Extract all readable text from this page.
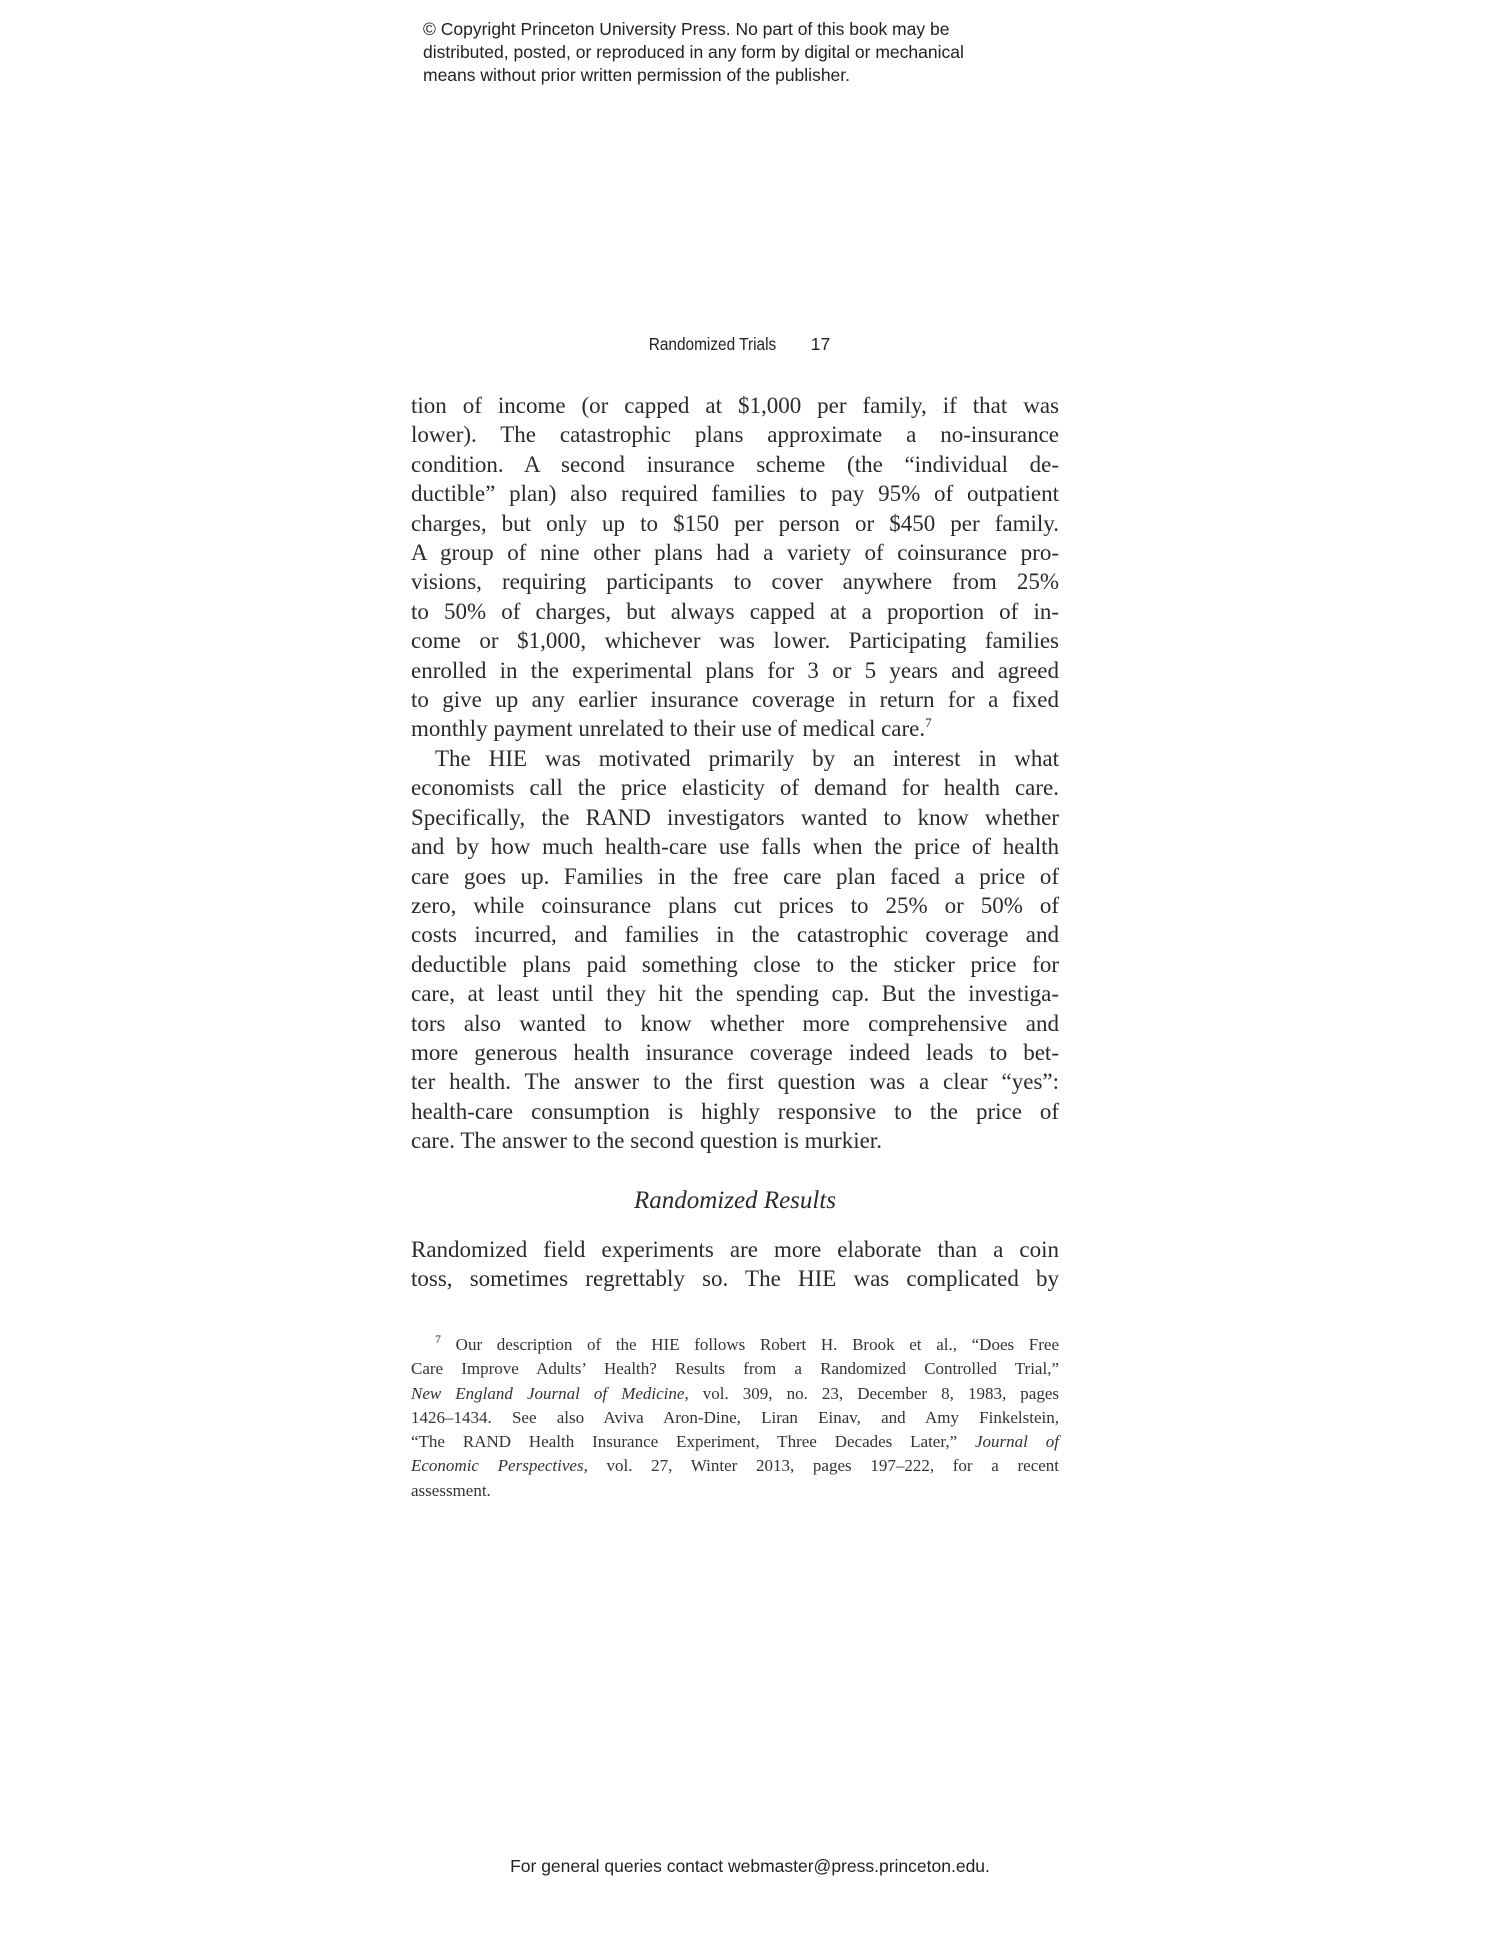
© Copyright Princeton University Press. No part of this book may be
distributed, posted, or reproduced in any form by digital or mechanical
means without prior written permission of the publisher.
Randomized Trials 17
tion of income (or capped at $1,000 per family, if that was
lower). The catastrophic plans approximate a no-insurance
condition. A second insurance scheme (the “individual de-
ductible” plan) also required families to pay 95% of outpatient
charges, but only up to $150 per person or $450 per family.
A group of nine other plans had a variety of coinsurance pro-
visions, requiring participants to cover anywhere from 25%
to 50% of charges, but always capped at a proportion of in-
come or $1,000, whichever was lower. Participating families
enrolled in the experimental plans for 3 or 5 years and agreed
to give up any earlier insurance coverage in return for a fixed
monthly payment unrelated to their use of medical care.$^7$
The HIE was motivated primarily by an interest in what
economists call the price elasticity of demand for health care.
Specifically, the RAND investigators wanted to know whether
and by how much health-care use falls when the price of health
care goes up. Families in the free care plan faced a price of
zero, while coinsurance plans cut prices to 25% or 50% of
costs incurred, and families in the catastrophic coverage and
deductible plans paid something close to the sticker price for
care, at least until they hit the spending cap. But the investiga-
tors also wanted to know whether more comprehensive and
more generous health insurance coverage indeed leads to bet-
ter health. The answer to the first question was a clear “yes”:
health-care consumption is highly responsive to the price of
care. The answer to the second question is murkier.
Randomized Results
Randomized field experiments are more elaborate than a coin
toss, sometimes regrettably so. The HIE was complicated by
$^7$ Our description of the HIE follows Robert H. Brook et al., “Does Free
Care Improve Adults’ Health? Results from a Randomized Controlled Trial,”
New England Journal of Medicine, vol. 309, no. 23, December 8, 1983, pages
1426–1434. See also Aviva Aron-Dine, Liran Einav, and Amy Finkelstein,
“The RAND Health Insurance Experiment, Three Decades Later,” Journal of
Economic Perspectives, vol. 27, Winter 2013, pages 197–222, for a recent
assessment.
For general queries contact webmaster@press.princeton.edu.
